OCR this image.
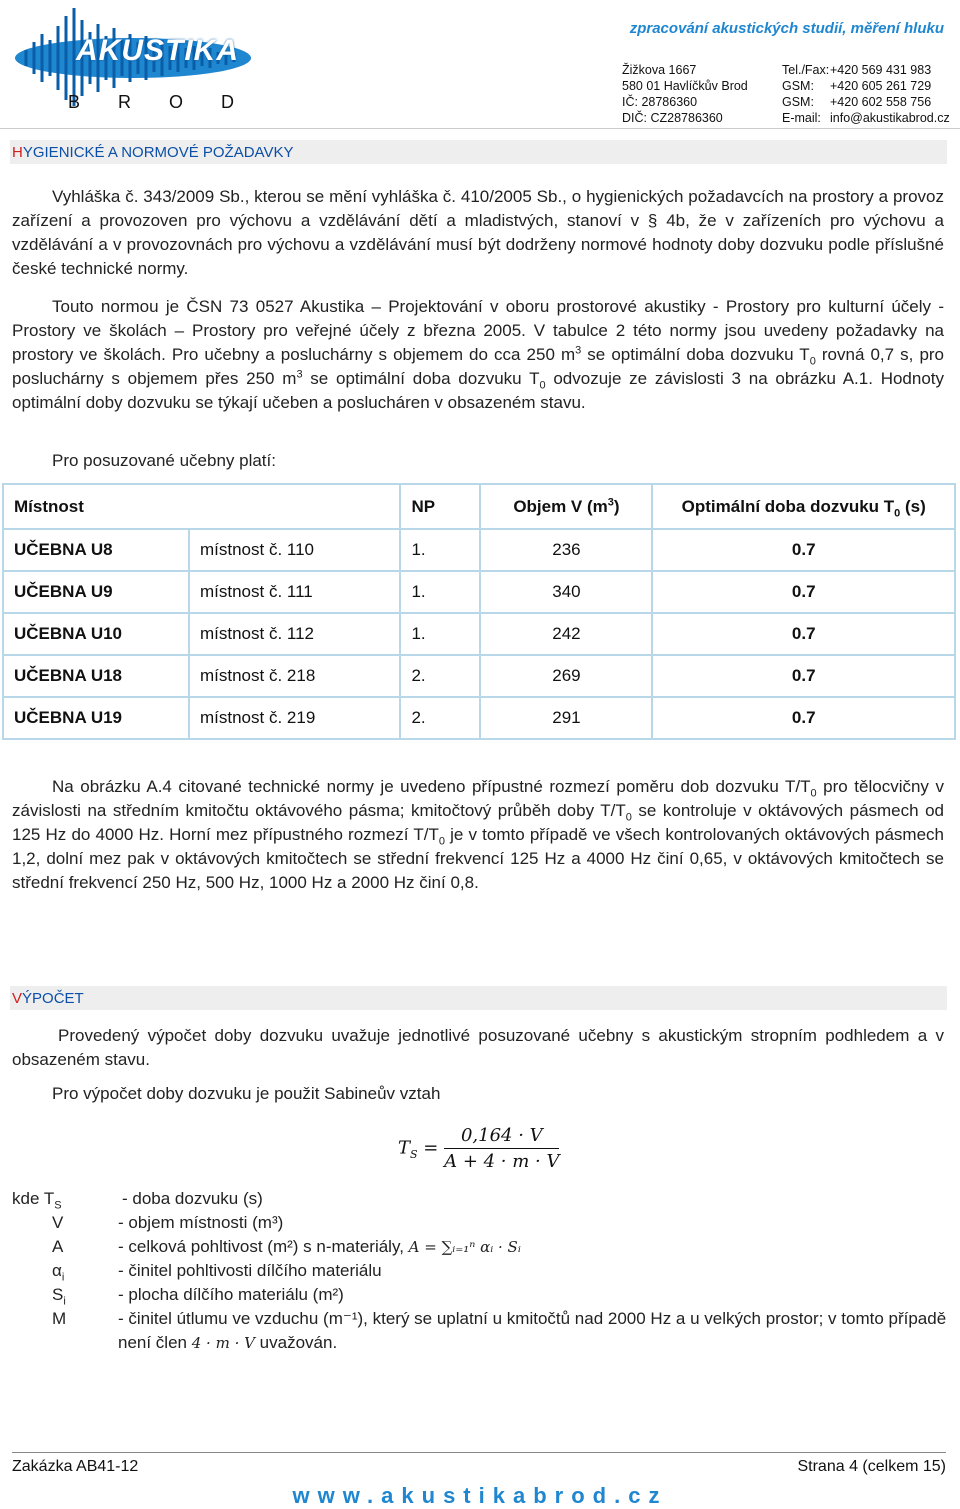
AKUSTIKA
BROD
zpracování akustických studií, měření hluku
Žižkova 1667	Tel./Fax: +420 569 431 983
580 01 Havlíčkův Brod	GSM:	+420 605 261 729
IČ: 28786360	GSM:	+420 602 558 756
DIČ: CZ28786360	E-mail: info@akustikabrod.cz
HYGIENICKÉ A NORMOVÉ POŽADAVKY

Vyhláška č. 343/2009 Sb., kterou se mění vyhláška č. 410/2005 Sb., o hygienických požadavcích na prostory a provoz zařízení a provozoven pro výchovu a vzdělávání dětí a mladistvých, stanoví v § 4b, že v zařízeních pro výchovu a vzdělávání a v provozovnách pro výchovu a vzdělávání musí být dodrženy normové hodnoty doby dozvuku podle příslušné české technické normy.

Touto normou je ČSN 73 0527 Akustika – Projektování v oboru prostorové akustiky - Prostory pro kulturní účely - Prostory ve školách – Prostory pro veřejné účely z března 2005. V tabulce 2 této normy jsou uvedeny požadavky na prostory ve školách. Pro učebny a posluchárny s objemem do cca 250 $m^3$ se optimální doba dozvuku $T_0$ rovná 0,7 s, pro posluchárny s objemem přes 250 $m^3$ se optimální doba dozvuku $T_0$ odvozuje ze závislosti 3 na obrázku A.1. Hodnoty optimální doby dozvuku se týkají učeben a poslucháren v obsazeném stavu.

Pro posuzované učebny platí:
Místnost		NP	Objem V $(m^3)$	Optimální doba dozvuku $T_0$ (s)
UČEBNA U8	místnost č. 110	1.	236	0.7
UČEBNA U9	místnost č. 111	1.	340	0.7
UČEBNA U10	místnost č. 112	1.	242	0.7
UČEBNA U18	místnost č. 218	2.	269	0.7
UČEBNA U19	místnost č. 219	2.	291	0.7

Na obrázku A.4 citované technické normy je uvedeno přípustné rozmezí poměru dob dozvuku $T/T_0$ pro tělocvičny v závislosti na středním kmitočtu oktávového pásma; kmitočtový průběh doby $T/T_0$ se kontroluje v oktávových pásmech od 125 Hz do 4000 Hz. Horní mez přípustného rozmezí $T/T_0$ je v tomto případě ve všech kontrolovaných oktávových pásmech 1,2, dolní mez pak v oktávových kmitočtech se střední frekvencí 125 Hz a 4000 Hz činí 0,65, v oktávových kmitočtech se střední frekvencí 250 Hz, 500 Hz, 1000 Hz a 2000 Hz činí 0,8.

VÝPOČET

Provedený výpočet doby dozvuku uvažuje jednotlivé posuzované učebny s akustickým stropním podhledem a v obsazeném stavu.

Pro výpočet doby dozvuku je použit Sabineův vztah
$T_S = \frac{0,164 \cdot V}{A + 4 \cdot m \cdot V}$
kde $T_S$	- doba dozvuku (s)
V	- objem místnosti (m³)
A	- celková pohltivost (m²) s n-materiály, A = ∑ᵢ₌₁ⁿ αᵢ · Sᵢ
$\alpha_i$	- činitel pohltivosti dílčího materiálu
$S_i$	- plocha dílčího materiálu (m²)
M	- činitel útlumu ve vzduchu (m⁻¹), který se uplatní u kmitočtů nad 2000 Hz a u velkých prostor; v tomto případě není člen 4 · m · V uvažován.
Zakázka AB41-12	Strana 4 (celkem 15)
www.akustikabrod.cz
